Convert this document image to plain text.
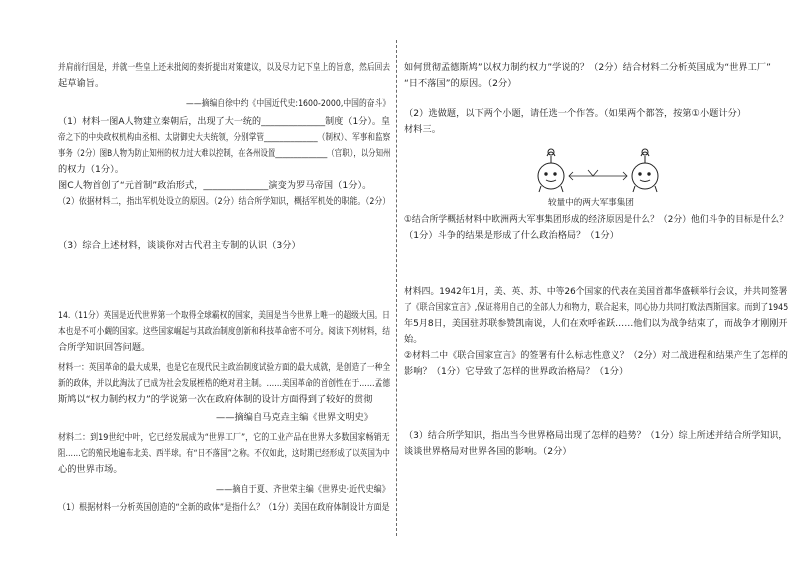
并肩前行国是，并就一些皇上还未批阅的奏折提出对策建议，以及尽力记下皇上的旨意，然后回去
起草谕旨。
——摘编自徐中约《中国近代史:1600-2000,中国的奋斗》
（1）材料一图A人物建立秦朝后，出现了大一统的______________制度（1分）。皇
帝之下的中央政权机构由丞相、太尉御史大夫统领，分别掌管______________（制权）、军事和监察
事务（2分）图B人物为防止知州的权力过大难以控制，在各州设置______________（官职），以分知州
的权力（1分）。
图C人物首创了“元首制”政治形式，______________演变为罗马帝国（1分）。
（2）依据材料二，指出军机处设立的原因。（2分）结合所学知识，概括军机处的职能。（2分）
（3）综合上述材料，谈谈你对古代君主专制的认识（3分）
14.（11分）英国是近代世界第一个取得全球霸权的国家，美国是当今世界上唯一的超级大国。日
本也是不可小觑的国家。这些国家崛起与其政治制度创新和科技革命密不可分。阅读下列材料，结
合所学知识回答问题。
材料一：英国革命的最大成果，也是它在现代民主政治制度试验方面的最大成就，是创造了一种全
新的政体，并以此淘汰了已成为社会发展桎梏的绝对君主制。……美国革命的首创性在于……孟德
斯鸠以“权力制约权力”的学说第一次在政府体制的设计方面得到了较好的贯彻
——摘编自马克垚主编《世界文明史》
材料二：到19世纪中叶，它已经发展成为“世界工厂”，它的工业产品在世界大多数国家畅销无
阻……它的殖民地遍布北美、西半球。有“日不落国”之称。不仅如此，这时期已经形成了以英国为中
心的世界市场。
——摘自于夏、齐世荣主编《世界史·近代史编》
（1）根据材料一分析英国创造的“全新的政体”是指什么？（1分）美国在政府体制设计方面是
如何贯彻孟德斯鸠”以权力制约权力”学说的？（2分）结合材料二分析英国成为“世界工厂”
“日不落国”的原因。（2分）
（2）选做题，以下两个小题，请任选一个作答。（如果两个都答，按第①小题计分）
材料三。
较量中的两大军事集团
①结合所学概括材料中欧洲两大军事集团形成的经济原因是什么？（2分）他们斗争的目标是什么？
（1分）斗争的结果是形成了什么政治格局？（1分）
材料四。1942年1月，美、英、苏、中等26个国家的代表在美国首都华盛顿举行会议，并共同签署
了《联合国家宣言》,保证将用自己的全部人力和物力，联合起来，同心协力共同打败法西斯国家。而到了1945
年5月8日，美国驻苏联参赞凯南说，人们在欢呼雀跃……他们以为战争结束了，而战争才刚刚开
始。
②材料二中《联合国家宣言》的签署有什么标志性意义？（2分）对二战进程和结果产生了怎样的
影响？（1分）它导致了怎样的世界政治格局？（1分）
（3）结合所学知识，指出当今世界格局出现了怎样的趋势？（1分）综上所述并结合所学知识，
谈谈世界格局对世界各国的影响。（2分）
